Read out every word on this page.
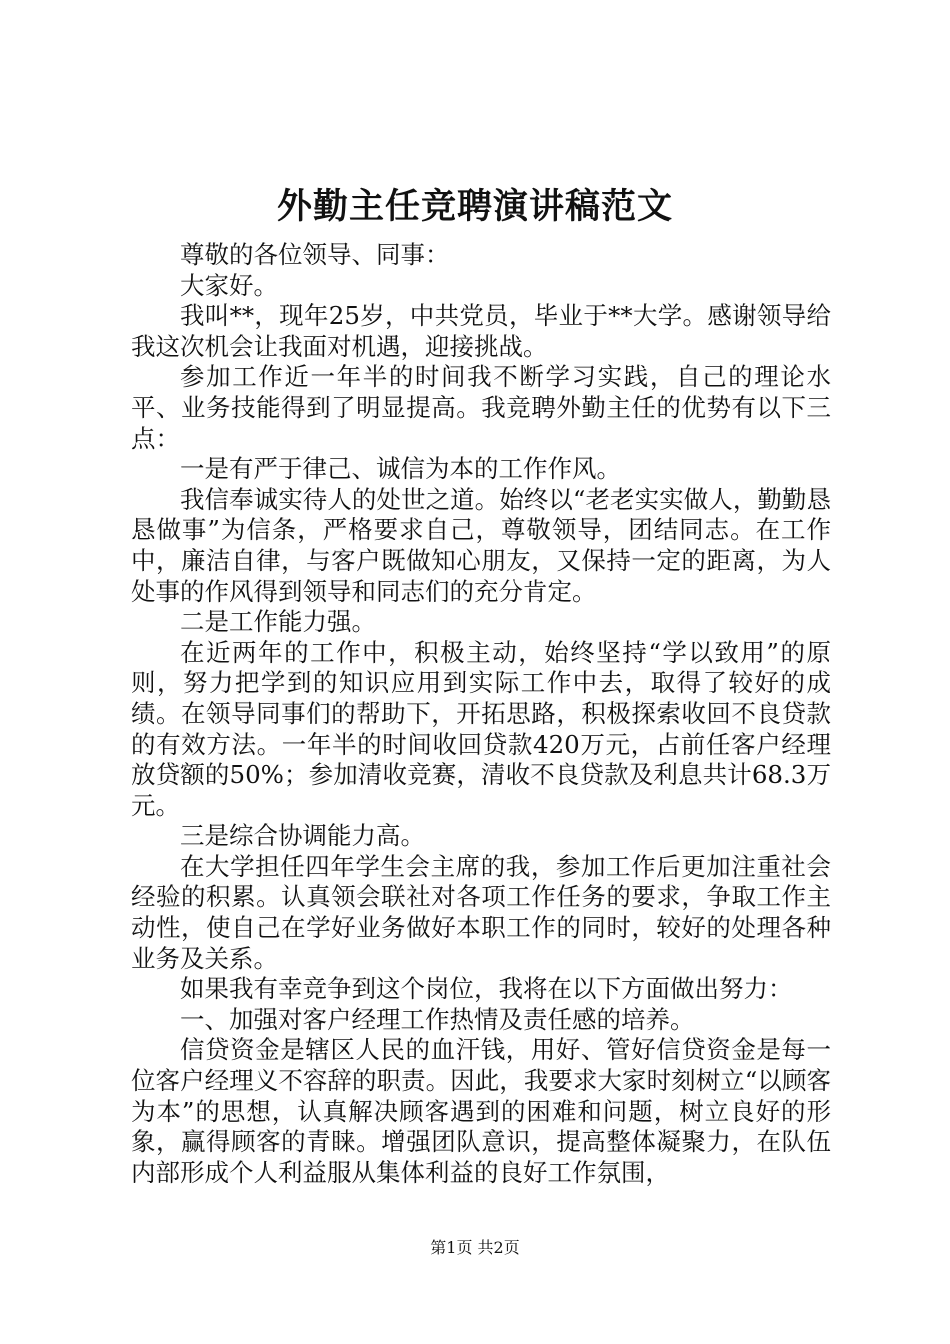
外勤主任竞聘演讲稿范文

尊敬的各位领导、同事：

大家好。

我叫**，现年25岁，中共党员，毕业于**大学。感谢领导给我这次机会让我面对机遇，迎接挑战。

参加工作近一年半的时间我不断学习实践，自己的理论水平、业务技能得到了明显提高。我竞聘外勤主任的优势有以下三点：

一是有严于律己、诚信为本的工作作风。

我信奉诚实待人的处世之道。始终以“老老实实做人，勤勤恳恳做事”为信条，严格要求自己，尊敬领导，团结同志。在工作中，廉洁自律，与客户既做知心朋友，又保持一定的距离，为人处事的作风得到领导和同志们的充分肯定。

二是工作能力强。

在近两年的工作中，积极主动，始终坚持“学以致用”的原则，努力把学到的知识应用到实际工作中去，取得了较好的成绩。在领导同事们的帮助下，开拓思路，积极探索收回不良贷款的有效方法。一年半的时间收回贷款420万元，占前任客户经理放贷额的50%；参加清收竞赛，清收不良贷款及利息共计68.3万元。

三是综合协调能力高。

在大学担任四年学生会主席的我，参加工作后更加注重社会经验的积累。认真领会联社对各项工作任务的要求，争取工作主动性，使自己在学好业务做好本职工作的同时，较好的处理各种业务及关系。

如果我有幸竞争到这个岗位，我将在以下方面做出努力：

一、加强对客户经理工作热情及责任感的培养。

信贷资金是辖区人民的血汗钱，用好、管好信贷资金是每一位客户经理义不容辞的职责。因此，我要求大家时刻树立“以顾客为本”的思想，认真解决顾客遇到的困难和问题，树立良好的形象，赢得顾客的青睐。增强团队意识，提高整体凝聚力，在队伍内部形成个人利益服从集体利益的良好工作氛围，

第1页 共2页
